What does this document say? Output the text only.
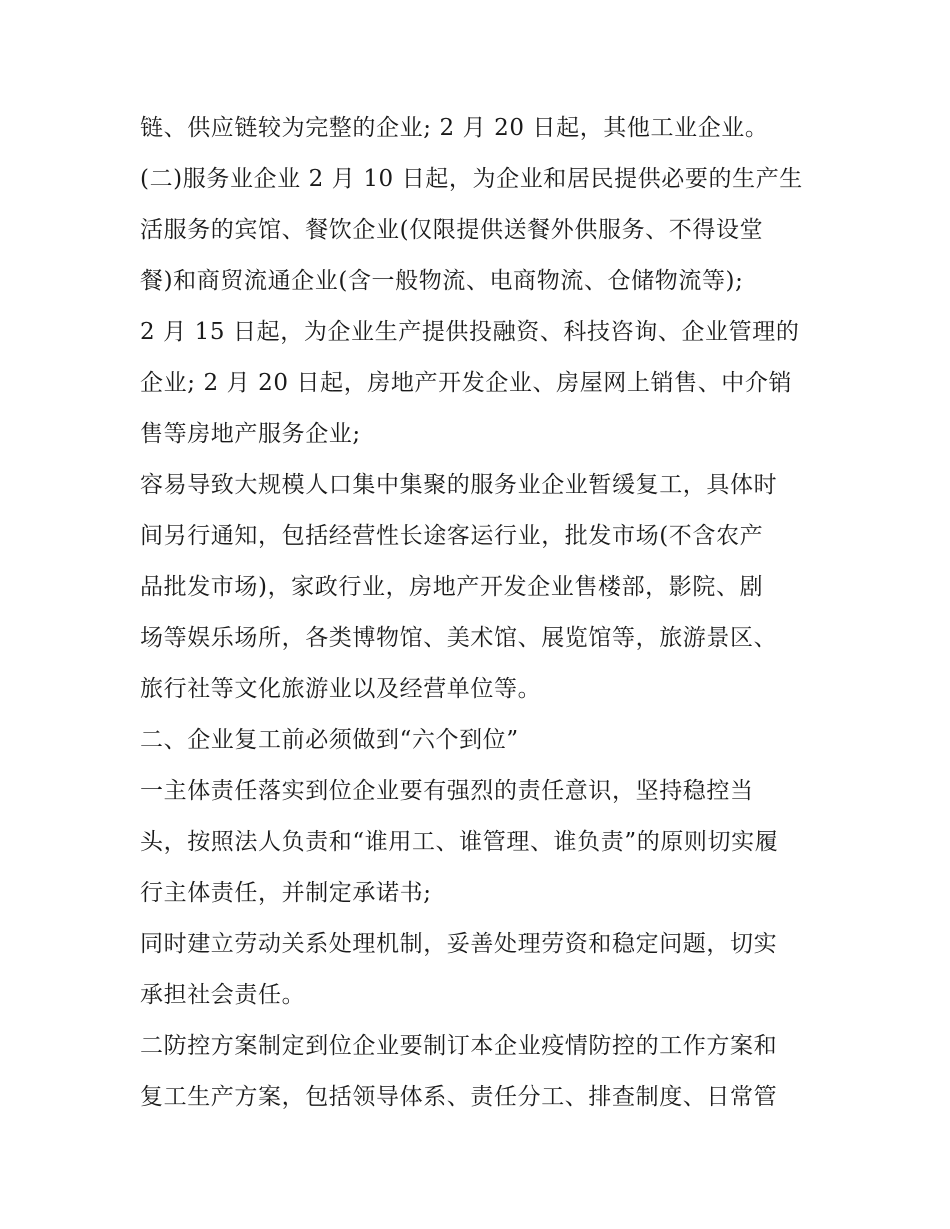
链、供应链较为完整的企业; 2 月 20 日起，其他工业企业。
(二)服务业企业 2 月 10 日起，为企业和居民提供必要的生产生
活服务的宾馆、餐饮企业(仅限提供送餐外供服务、不得设堂
餐)和商贸流通企业(含一般物流、电商物流、仓储物流等);
2 月 15 日起，为企业生产提供投融资、科技咨询、企业管理的
企业; 2 月 20 日起，房地产开发企业、房屋网上销售、中介销
售等房地产服务企业;
容易导致大规模人口集中集聚的服务业企业暂缓复工，具体时
间另行通知，包括经营性长途客运行业，批发市场(不含农产
品批发市场)，家政行业，房地产开发企业售楼部，影院、剧
场等娱乐场所，各类博物馆、美术馆、展览馆等，旅游景区、
旅行社等文化旅游业以及经营单位等。
二、企业复工前必须做到“六个到位”
一主体责任落实到位企业要有强烈的责任意识，坚持稳控当
头，按照法人负责和“谁用工、谁管理、谁负责”的原则切实履
行主体责任，并制定承诺书;
同时建立劳动关系处理机制，妥善处理劳资和稳定问题，切实
承担社会责任。
二防控方案制定到位企业要制订本企业疫情防控的工作方案和
复工生产方案，包括领导体系、责任分工、排查制度、日常管
